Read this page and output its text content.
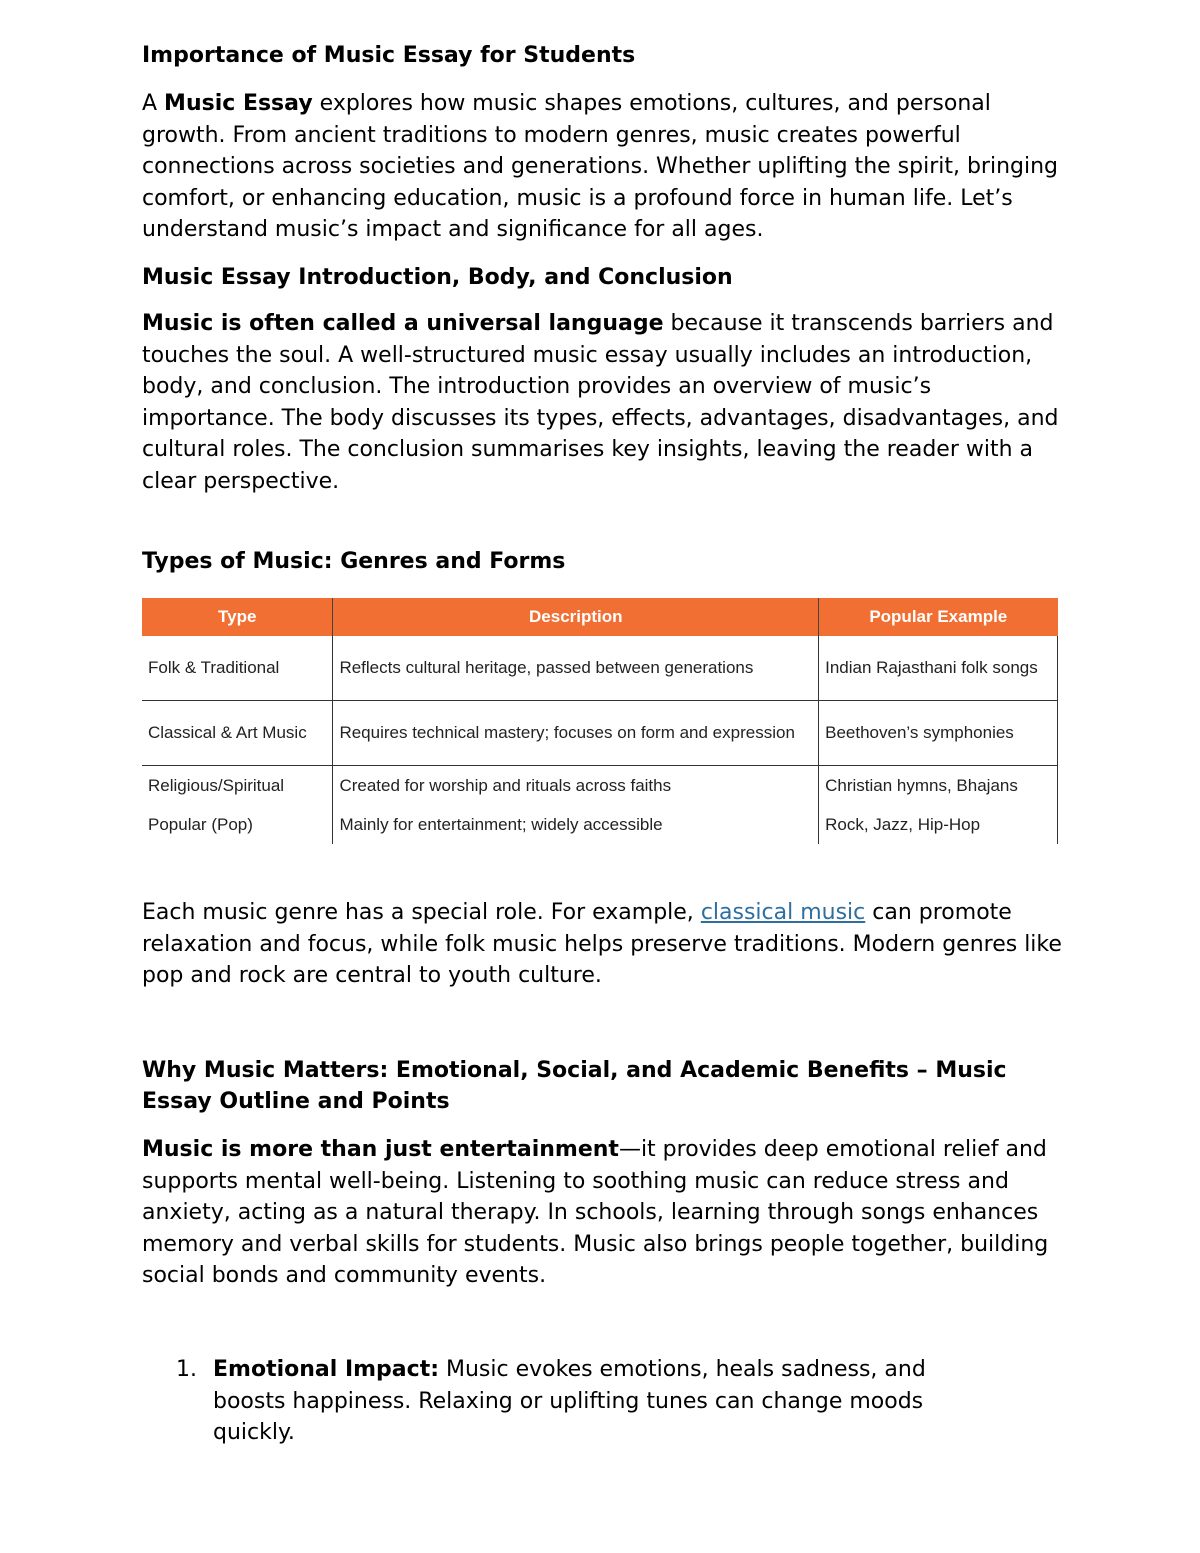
Importance of Music Essay for Students

A Music Essay explores how music shapes emotions, cultures, and personal growth. From ancient traditions to modern genres, music creates powerful connections across societies and generations. Whether uplifting the spirit, bringing comfort, or enhancing education, music is a profound force in human life. Let’s understand music’s impact and significance for all ages.

Music Essay Introduction, Body, and Conclusion

Music is often called a universal language because it transcends barriers and touches the soul. A well-structured music essay usually includes an introduction, body, and conclusion. The introduction provides an overview of music’s importance. The body discusses its types, effects, advantages, disadvantages, and cultural roles. The conclusion summarises key insights, leaving the reader with a clear perspective.

Types of Music: Genres and Forms
Type	Description	Popular Example
Folk & Traditional	Reflects cultural heritage, passed between generations	Indian Rajasthani folk songs
Classical & Art Music	Requires technical mastery; focuses on form and expression	Beethoven’s symphonies
Religious/Spiritual	Created for worship and rituals across faiths	Christian hymns, Bhajans
Popular (Pop)	Mainly for entertainment; widely accessible	Rock, Jazz, Hip-Hop

Each music genre has a special role. For example, classical music can promote relaxation and focus, while folk music helps preserve traditions. Modern genres like pop and rock are central to youth culture.

Why Music Matters: Emotional, Social, and Academic Benefits – Music Essay Outline and Points

Music is more than just entertainment—it provides deep emotional relief and supports mental well-being. Listening to soothing music can reduce stress and anxiety, acting as a natural therapy. In schools, learning through songs enhances memory and verbal skills for students. Music also brings people together, building social bonds and community events.

1. Emotional Impact: Music evokes emotions, heals sadness, and boosts happiness. Relaxing or uplifting tunes can change moods quickly.
